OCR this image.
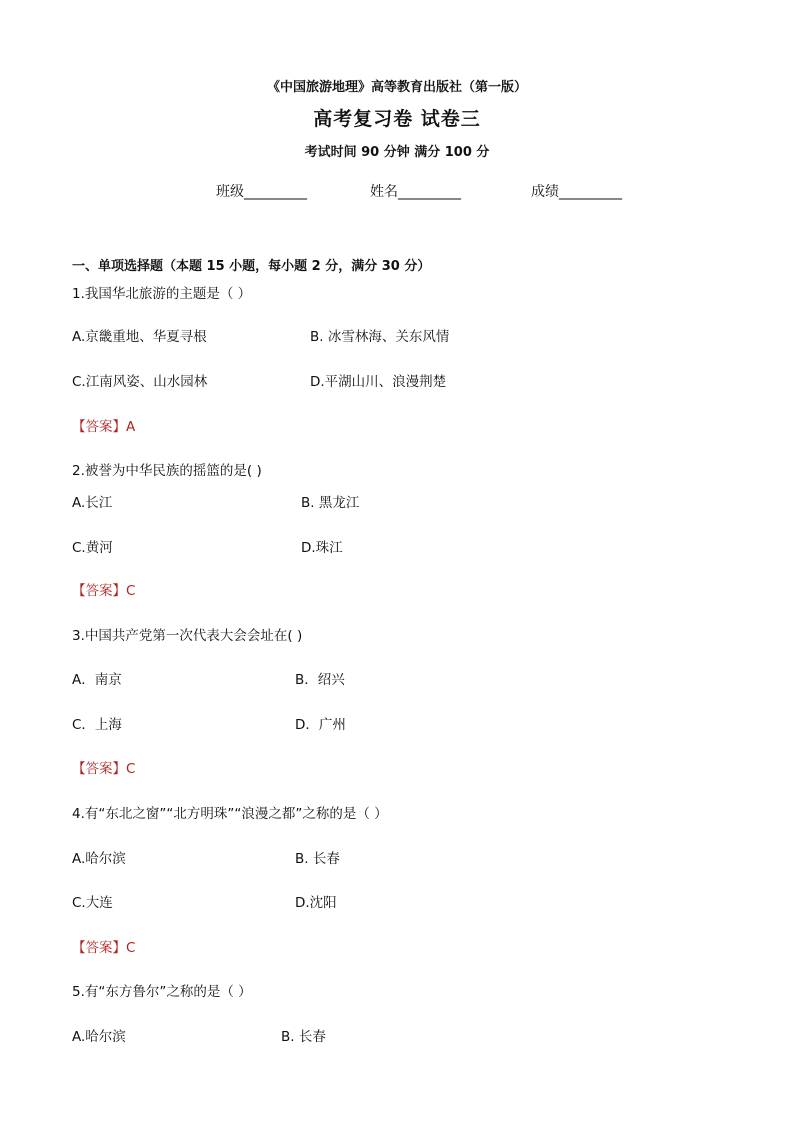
《中国旅游地理》高等教育出版社（第一版）
高考复习卷 试卷三
考试时间 90 分钟 满分 100 分
班级_________	姓名_________	成绩_________
一、单项选择题（本题 15 小题，每小题 2 分，满分 30 分）
1.我国华北旅游的主题是（ ）
A.京畿重地、华夏寻根	B. 冰雪林海、关东风情
C.江南风姿、山水园林	D.平湖山川、浪漫荆楚
【答案】A
2.被誉为中华民族的摇篮的是( )
A.长江	B. 黑龙江
C.黄河	D.珠江
【答案】C
3.中国共产党第一次代表大会会址在( )
A．南京	B．绍兴
C．上海	D．广州
【答案】C
4.有“东北之窗”“北方明珠”“浪漫之都”之称的是（ ）
A.哈尔滨	B. 长春
C.大连	D.沈阳
【答案】C
5.有“东方鲁尔”之称的是（ ）
A.哈尔滨	B. 长春
